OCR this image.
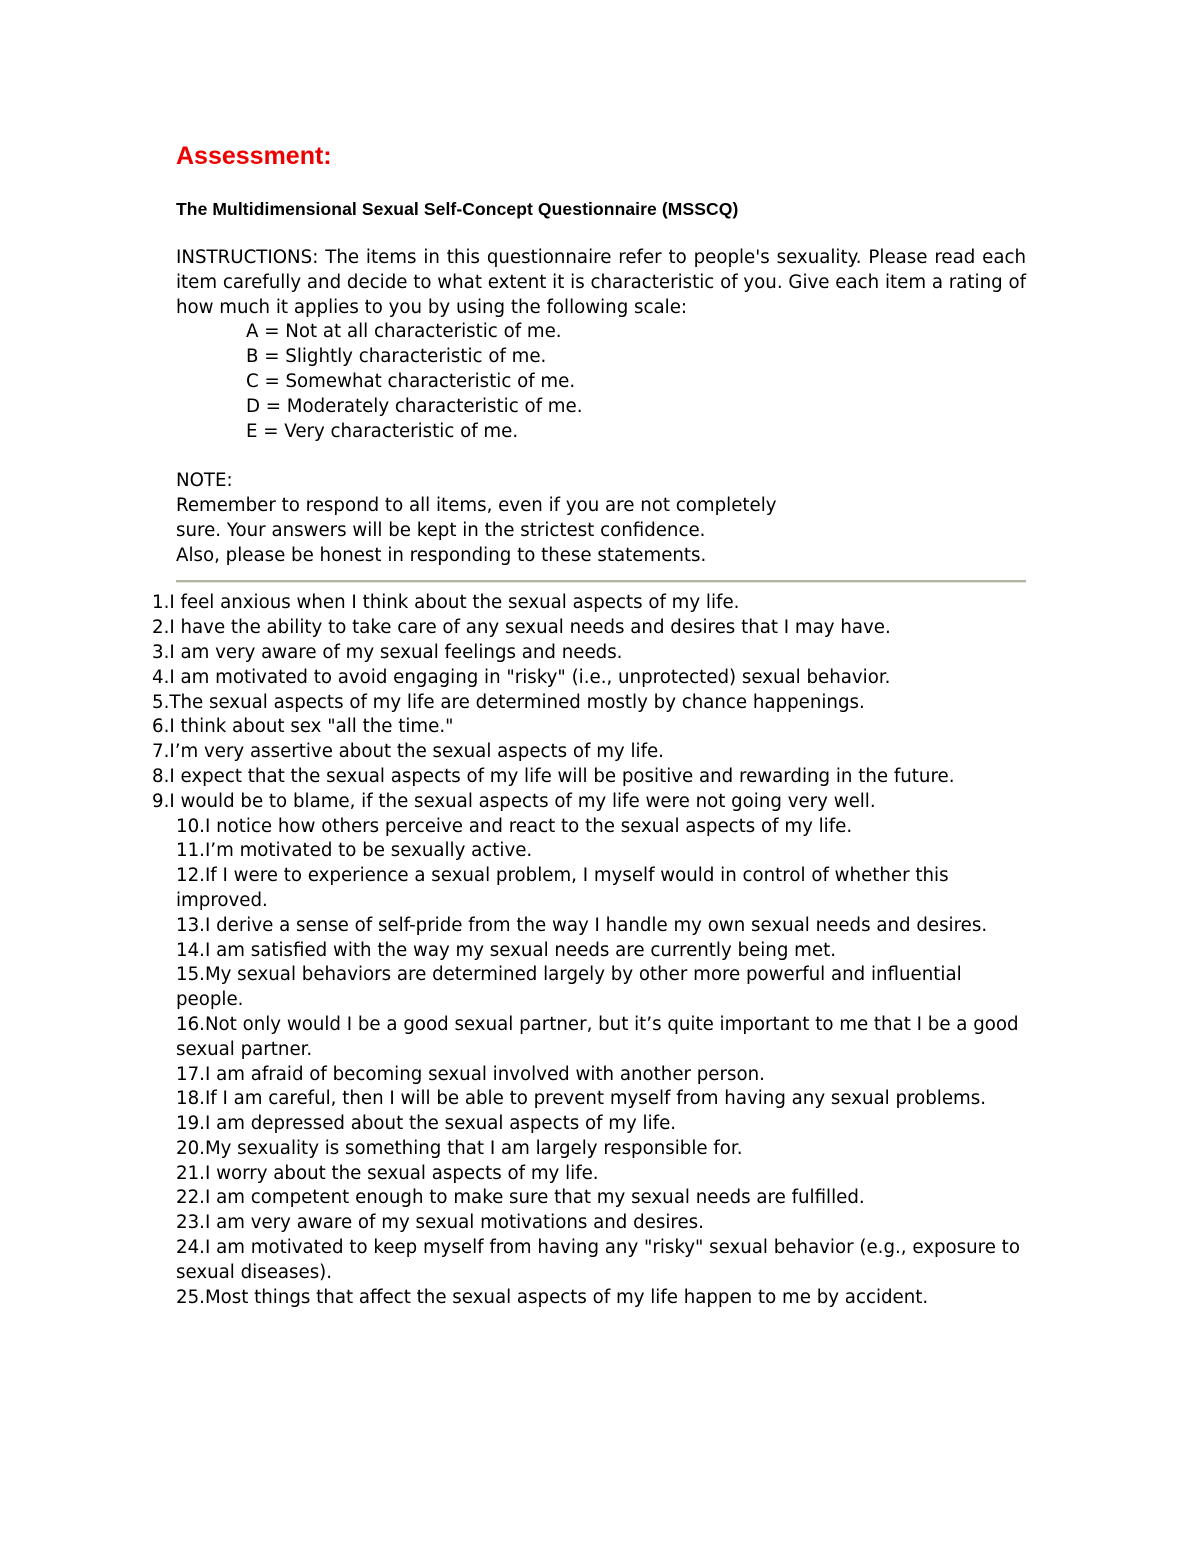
Assessment:
The Multidimensional Sexual Self-Concept Questionnaire (MSSCQ)
INSTRUCTIONS: The items in this questionnaire refer to people's sexuality. Please read each item carefully and decide to what extent it is characteristic of you. Give each item a rating of how much it applies to you by using the following scale:
A = Not at all characteristic of me.
B = Slightly characteristic of me.
C = Somewhat characteristic of me.
D = Moderately characteristic of me.
E = Very characteristic of me.
NOTE:
Remember to respond to all items, even if you are not completely
sure. Your answers will be kept in the strictest confidence.
Also, please be honest in responding to these statements.
1.I feel anxious when I think about the sexual aspects of my life.
2.I have the ability to take care of any sexual needs and desires that I may have.
3.I am very aware of my sexual feelings and needs.
4.I am motivated to avoid engaging in "risky" (i.e., unprotected) sexual behavior.
5.The sexual aspects of my life are determined mostly by chance happenings.
6.I think about sex "all the time."
7.I’m very assertive about the sexual aspects of my life.
8.I expect that the sexual aspects of my life will be positive and rewarding in the future.
9.I would be to blame, if the sexual aspects of my life were not going very well.
10.I notice how others perceive and react to the sexual aspects of my life.
11.I’m motivated to be sexually active.
12.If I were to experience a sexual problem, I myself would in control of whether this improved.
13.I derive a sense of self-pride from the way I handle my own sexual needs and desires.
14.I am satisfied with the way my sexual needs are currently being met.
15.My sexual behaviors are determined largely by other more powerful and influential people.
16.Not only would I be a good sexual partner, but it’s quite important to me that I be a good sexual partner.
17.I am afraid of becoming sexual involved with another person.
18.If I am careful, then I will be able to prevent myself from having any sexual problems.
19.I am depressed about the sexual aspects of my life.
20.My sexuality is something that I am largely responsible for.
21.I worry about the sexual aspects of my life.
22.I am competent enough to make sure that my sexual needs are fulfilled.
23.I am very aware of my sexual motivations and desires.
24.I am motivated to keep myself from having any "risky" sexual behavior (e.g., exposure to sexual diseases).
25.Most things that affect the sexual aspects of my life happen to me by accident.
